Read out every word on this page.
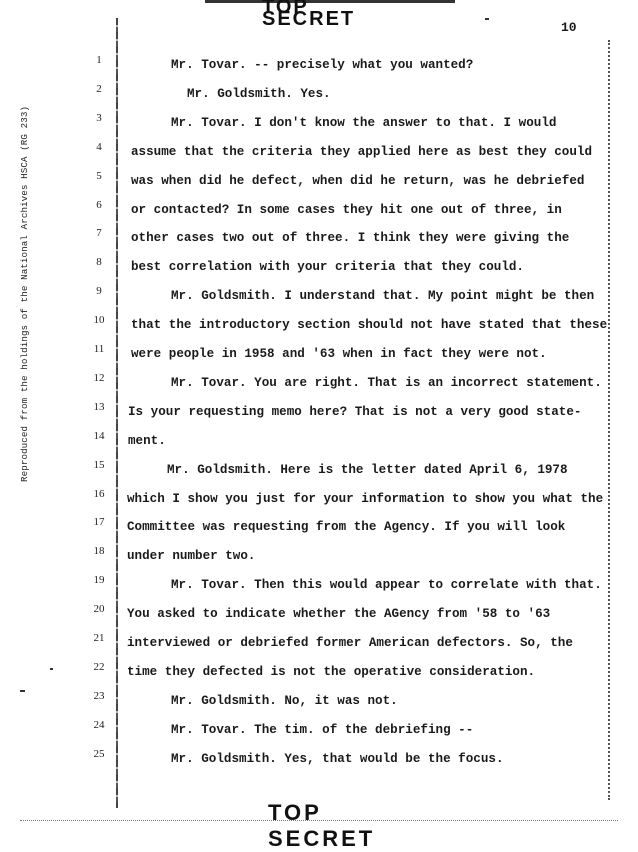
TOP SECRET	10
Reproduced from the holdings of the National Archives HSCA (RG 233)
1	Mr. Tovar. -- precisely what you wanted?
2	Mr. Goldsmith. Yes.
3	Mr. Tovar. I don't know the answer to that. I would
4	assume that the criteria they applied here as best they could
5	was when did he defect, when did he return, was he debriefed
6	or contacted? In some cases they hit one out of three, in
7	other cases two out of three. I think they were giving the
8	best correlation with your criteria that they could.
9	Mr. Goldsmith. I understand that. My point might be then
10	that the introductory section should not have stated that these
11	were people in 1958 and '63 when in fact they were not.
12	Mr. Tovar. You are right. That is an incorrect statement.
13	Is your requesting memo here? That is not a very good state-
14	ment.
15	Mr. Goldsmith. Here is the letter dated April 6, 1978
16	which I show you just for your information to show you what the
17	Committee was requesting from the Agency. If you will look
18	under number two.
19	Mr. Tovar. Then this would appear to correlate with that.
20	You asked to indicate whether the AGency from '58 to '63
21	interviewed or debriefed former American defectors. So, the
22	time they defected is not the operative consideration.
23	Mr. Goldsmith. No, it was not.
24	Mr. Tovar. The tim. of the debriefing --
25	Mr. Goldsmith. Yes, that would be the focus.
TOP SECRET
